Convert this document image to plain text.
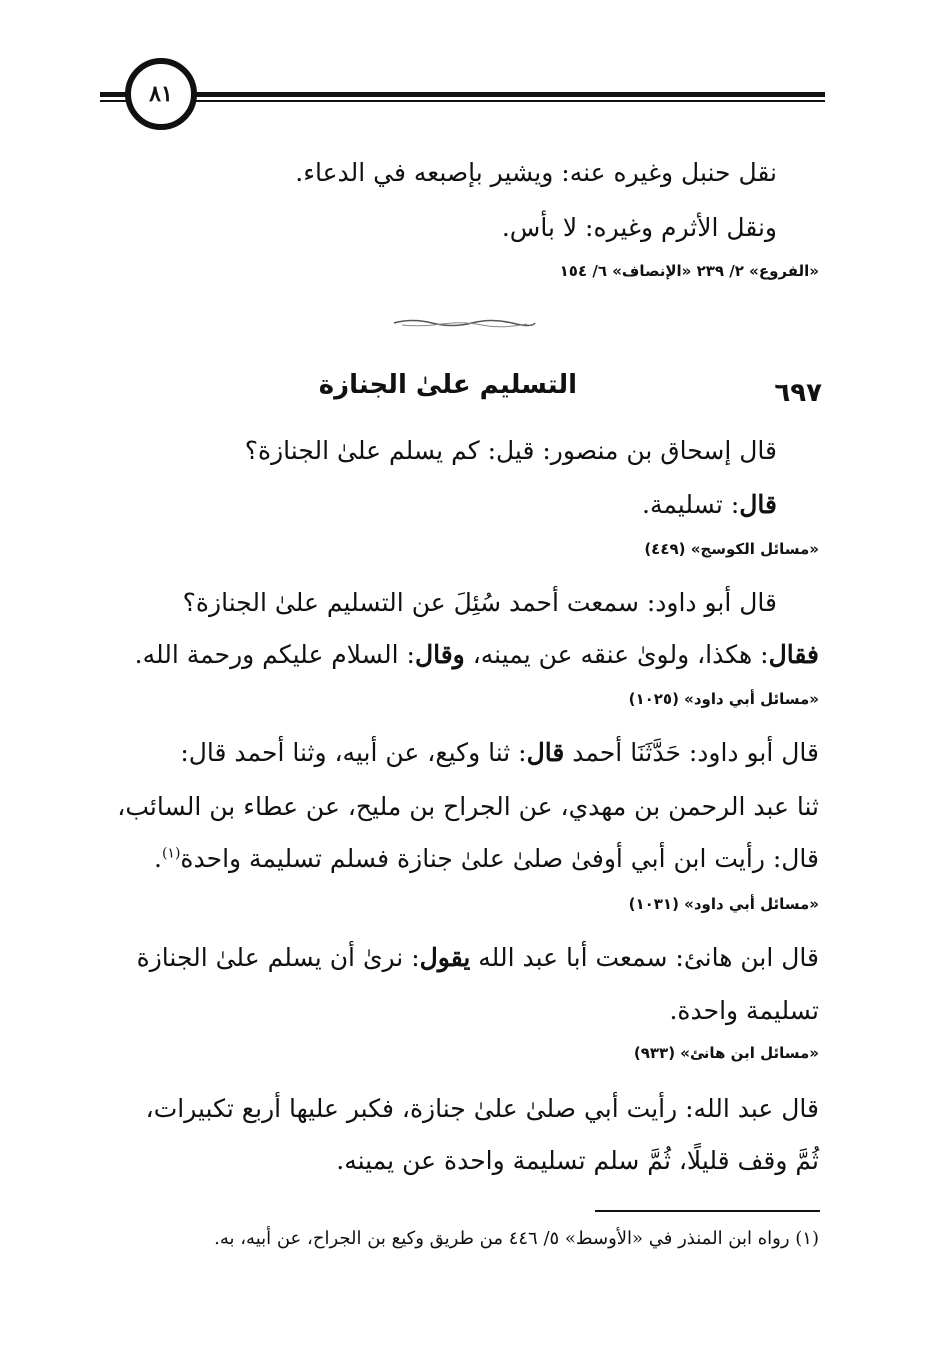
٨١
نقل حنبل وغيره عنه: ويشير بإصبعه في الدعاء.
ونقل الأثرم وغيره: لا بأس.
«الفروع» ٢/ ٢٣٩ «الإنصاف» ٦/ ١٥٤
٦٩٧
التسليم علىٰ الجنازة
قال إسحاق بن منصور: قيل: كم يسلم علىٰ الجنازة؟
قال: تسليمة.
«مسائل الكوسج» (٤٤٩)
قال أبو داود: سمعت أحمد سُئِلَ عن التسليم علىٰ الجنازة؟
فقال: هكذا، ولوىٰ عنقه عن يمينه، وقال: السلام عليكم ورحمة الله.
«مسائل أبي داود» (١٠٢٥)
قال أبو داود: حَدَّثَنَا أحمد قال: ثنا وكيع، عن أبيه، وثنا أحمد قال:
ثنا عبد الرحمن بن مهدي، عن الجراح بن مليح، عن عطاء بن السائب،
قال: رأيت ابن أبي أوفىٰ صلىٰ علىٰ جنازة فسلم تسليمة واحدة$^{(١)}$.
«مسائل أبي داود» (١٠٣١)
قال ابن هانئ: سمعت أبا عبد الله يقول: نرىٰ أن يسلم علىٰ الجنازة
تسليمة واحدة.
«مسائل ابن هانئ» (٩٣٣)
قال عبد الله: رأيت أبي صلىٰ علىٰ جنازة، فكبر عليها أربع تكبيرات،
ثُمَّ وقف قليلًا، ثُمَّ سلم تسليمة واحدة عن يمينه.
(١) رواه ابن المنذر في «الأوسط» ٥/ ٤٤٦ من طريق وكيع بن الجراح، عن أبيه، به.
